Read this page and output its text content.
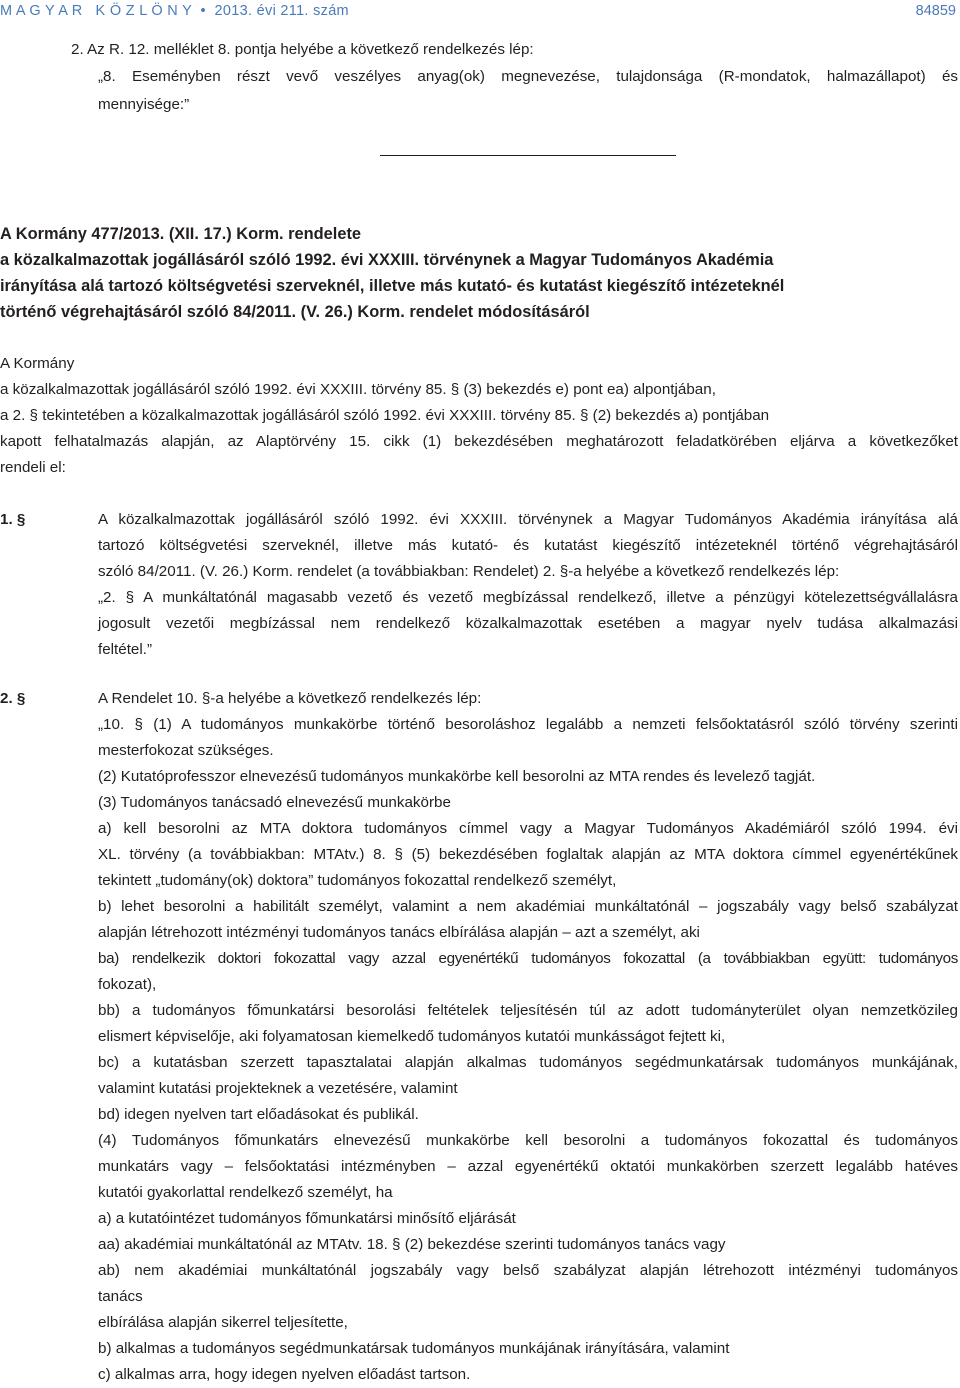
M A G Y A R   K Ö Z L Ö N Y  •  2013. évi 211. szám	84859
2. Az R. 12. melléklet 8. pontja helyébe a következő rendelkezés lép:
„8. Eseményben részt vevő veszélyes anyag(ok) megnevezése, tulajdonsága (R-mondatok, halmazállapot) és
mennyisége:”
A Kormány 477/2013. (XII. 17.) Korm. rendelete
a közalkalmazottak jogállásáról szóló 1992. évi XXXIII. törvénynek a Magyar Tudományos Akadémia
irányítása alá tartozó költségvetési szerveknél, illetve más kutató- és kutatást kiegészítő intézeteknél
történő végrehajtásáról szóló 84/2011. (V. 26.) Korm. rendelet módosításáról
A Kormány
a közalkalmazottak jogállásáról szóló 1992. évi XXXIII. törvény 85. § (3) bekezdés e) pont ea) alpontjában,
a 2. § tekintetében a közalkalmazottak jogállásáról szóló 1992. évi XXXIII. törvény 85. § (2) bekezdés a) pontjában
kapott felhatalmazás alapján, az Alaptörvény 15. cikk (1) bekezdésében meghatározott feladatkörében eljárva a következőket
rendeli el:
1. §	A közalkalmazottak jogállásáról szóló 1992. évi XXXIII. törvénynek a Magyar Tudományos Akadémia irányítása alá
tartozó költségvetési szerveknél, illetve más kutató- és kutatást kiegészítő intézeteknél történő végrehajtásáról
szóló 84/2011. (V. 26.) Korm. rendelet (a továbbiakban: Rendelet) 2. §-a helyébe a következő rendelkezés lép:
„2. § A munkáltatónál magasabb vezető és vezető megbízással rendelkező, illetve a pénzügyi kötelezettségvállalásra
jogosult vezetői megbízással nem rendelkező közalkalmazottak esetében a magyar nyelv tudása alkalmazási
feltétel.”
2. §	A Rendelet 10. §-a helyébe a következő rendelkezés lép:
„10. § (1) A tudományos munkakörbe történő besoroláshoz legalább a nemzeti felsőoktatásról szóló törvény szerinti
mesterfokozat szükséges.
(2) Kutatóprofesszor elnevezésű tudományos munkakörbe kell besorolni az MTA rendes és levelező tagját.
(3) Tudományos tanácsadó elnevezésű munkakörbe
a) kell besorolni az MTA doktora tudományos címmel vagy a Magyar Tudományos Akadémiáról szóló 1994. évi
XL. törvény (a továbbiakban: MTAtv.) 8. § (5) bekezdésében foglaltak alapján az MTA doktora címmel egyenértékűnek
tekintett „tudomány(ok) doktora” tudományos fokozattal rendelkező személyt,
b) lehet besorolni a habilitált személyt, valamint a nem akadémiai munkáltatónál – jogszabály vagy belső szabályzat
alapján létrehozott intézményi tudományos tanács elbírálása alapján – azt a személyt, aki
ba) rendelkezik doktori fokozattal vagy azzal egyenértékű tudományos fokozattal (a továbbiakban együtt: tudományos
fokozat),
bb) a tudományos főmunkatársi besorolási feltételek teljesítésén túl az adott tudományterület olyan nemzetközileg
elismert képviselője, aki folyamatosan kiemelkedő tudományos kutatói munkásságot fejtett ki,
bc) a kutatásban szerzett tapasztalatai alapján alkalmas tudományos segédmunkatársak tudományos munkájának,
valamint kutatási projekteknek a vezetésére, valamint
bd) idegen nyelven tart előadásokat és publikál.
(4) Tudományos főmunkatárs elnevezésű munkakörbe kell besorolni a tudományos fokozattal és tudományos
munkatárs vagy – felsőoktatási intézményben – azzal egyenértékű oktatói munkakörben szerzett legalább hatéves
kutatói gyakorlattal rendelkező személyt, ha
a) a kutatóintézet tudományos főmunkatársi minősítő eljárását
aa) akadémiai munkáltatónál az MTAtv. 18. § (2) bekezdése szerinti tudományos tanács vagy
ab) nem akadémiai munkáltatónál jogszabály vagy belső szabályzat alapján létrehozott intézményi tudományos
tanács
elbírálása alapján sikerrel teljesítette,
b) alkalmas a tudományos segédmunkatársak tudományos munkájának irányítására, valamint
c) alkalmas arra, hogy idegen nyelven előadást tartson.
